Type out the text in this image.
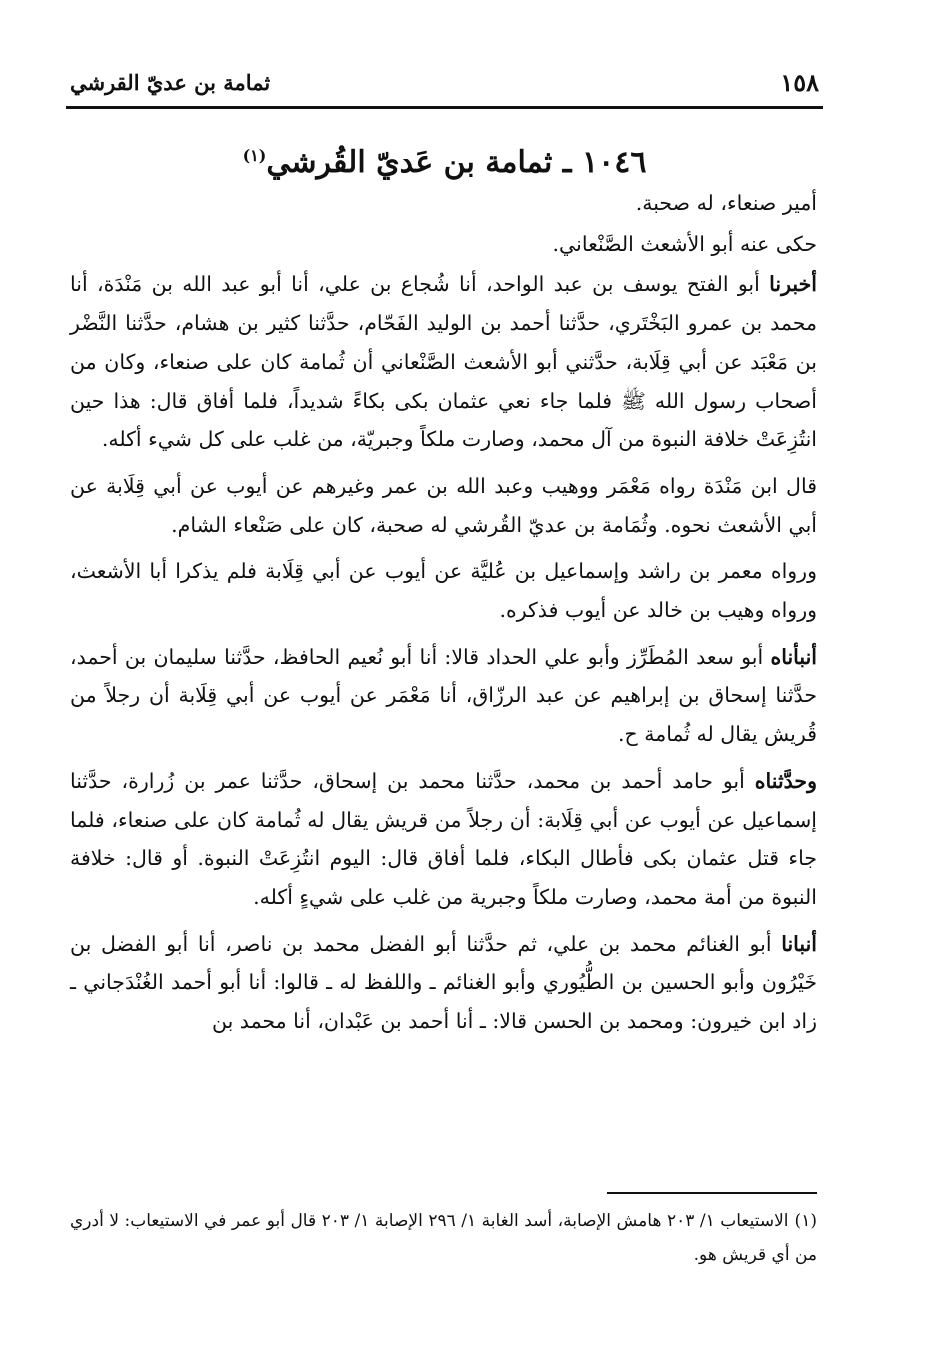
١٥٨
ثمامة بن عديّ القرشي
١٠٤٦ ـ ثمامة بن عَديّ القُرشي$^{(١)}$

أمير صنعاء، له صحبة.

حكى عنه أبو الأشعث الصَّنْعاني.

أخبرنا أبو الفتح يوسف بن عبد الواحد، أنا شُجاع بن علي، أنا أبو عبد الله بن مَنْدَة، أنا محمد بن عمرو البَخْتَري، حدَّثنا أحمد بن الوليد الفَحّام، حدَّثنا كثير بن هشام، حدَّثنا النَّضْر بن مَعْبَد عن أبي قِلَابة، حدَّثني أبو الأشعث الصَّنْعاني أن ثُمامة كان على صنعاء، وكان من أصحاب رسول الله ﷺ فلما جاء نعي عثمان بكى بكاءً شديداً، فلما أفاق قال: هذا حين انتُزِعَتْ خلافة النبوة من آل محمد، وصارت ملكاً وجبريّة، من غلب على كل شيء أكله.

قال ابن مَنْدَة رواه مَعْمَر ووهيب وعبد الله بن عمر وغيرهم عن أيوب عن أبي قِلَابة عن أبي الأشعث نحوه. وثُمَامة بن عديّ القُرشي له صحبة، كان على صَنْعاء الشام.

ورواه معمر بن راشد وإسماعيل بن عُليَّة عن أيوب عن أبي قِلَابة فلم يذكرا أبا الأشعث، ورواه وهيب بن خالد عن أيوب فذكره.

أنبأناه أبو سعد المُطَرِّز وأبو علي الحداد قالا: أنا أبو نُعيم الحافظ، حدَّثنا سليمان بن أحمد، حدَّثنا إسحاق بن إبراهيم عن عبد الرزّاق، أنا مَعْمَر عن أيوب عن أبي قِلَابة أن رجلاً من قُريش يقال له ثُمامة ح.

وحدَّثناه أبو حامد أحمد بن محمد، حدَّثنا محمد بن إسحاق، حدَّثنا عمر بن زُرارة، حدَّثنا إسماعيل عن أيوب عن أبي قِلَابة: أن رجلاً من قريش يقال له ثُمامة كان على صنعاء، فلما جاء قتل عثمان بكى فأطال البكاء، فلما أفاق قال: اليوم انتُزِعَتْ النبوة. أو قال: خلافة النبوة من أمة محمد، وصارت ملكاً وجبرية من غلب على شيءٍ أكله.

أنبانا أبو الغنائم محمد بن علي، ثم حدَّثنا أبو الفضل محمد بن ناصر، أنا أبو الفضل بن خَيْرُون وأبو الحسين بن الطُّيُوري وأبو الغنائم ـ واللفظ له ـ قالوا: أنا أبو أحمد الغُنْدَجاني ـ زاد ابن خيرون: ومحمد بن الحسن قالا: ـ أنا أحمد بن عَبْدان، أنا محمد بن

(١)الاستيعاب ١/ ٢٠٣ هامش الإصابة، أسد الغابة ١/ ٢٩٦ الإصابة ١/ ٢٠٣ قال أبو عمر في الاستيعاب: لا أدري من أي قريش هو.
